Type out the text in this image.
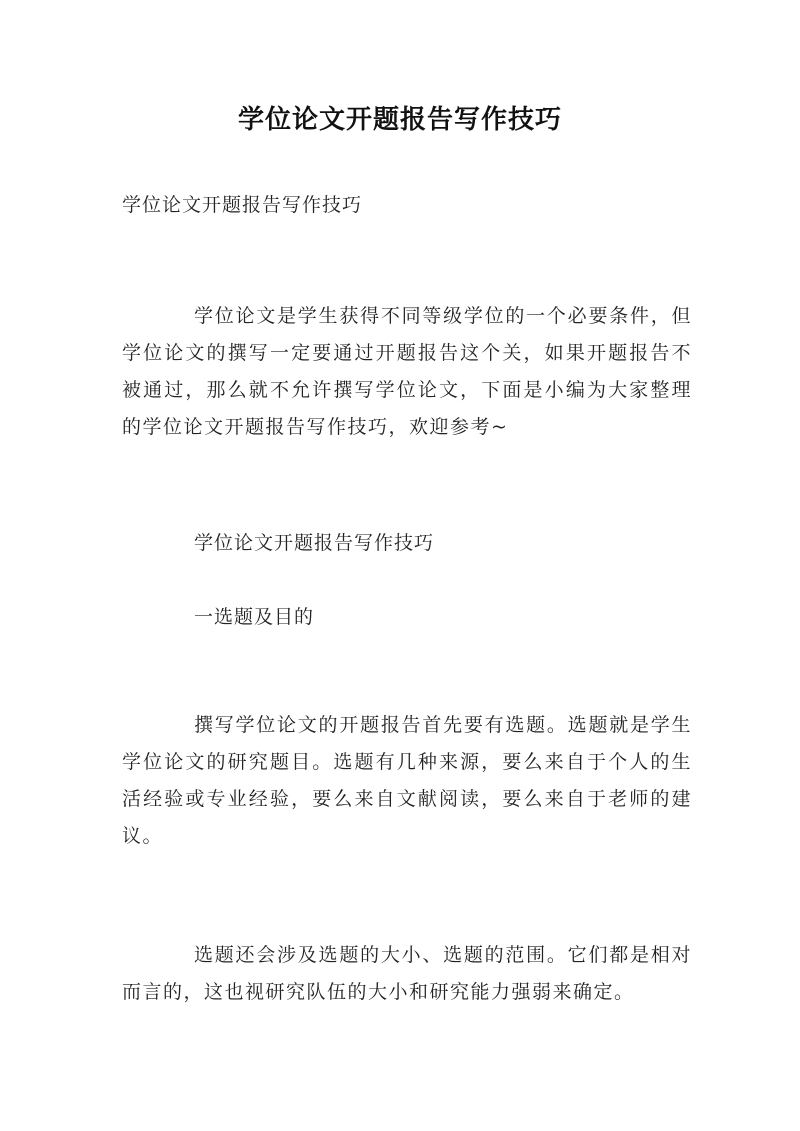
学位论文开题报告写作技巧
学位论文开题报告写作技巧

学位论文是学生获得不同等级学位的一个必要条件，但学位论文的撰写一定要通过开题报告这个关，如果开题报告不被通过，那么就不允许撰写学位论文，下面是小编为大家整理的学位论文开题报告写作技巧，欢迎参考~

学位论文开题报告写作技巧
一选题及目的

撰写学位论文的开题报告首先要有选题。选题就是学生学位论文的研究题目。选题有几种来源，要么来自于个人的生活经验或专业经验，要么来自文献阅读，要么来自于老师的建议。

选题还会涉及选题的大小、选题的范围。它们都是相对而言的，这也视研究队伍的大小和研究能力强弱来确定。
